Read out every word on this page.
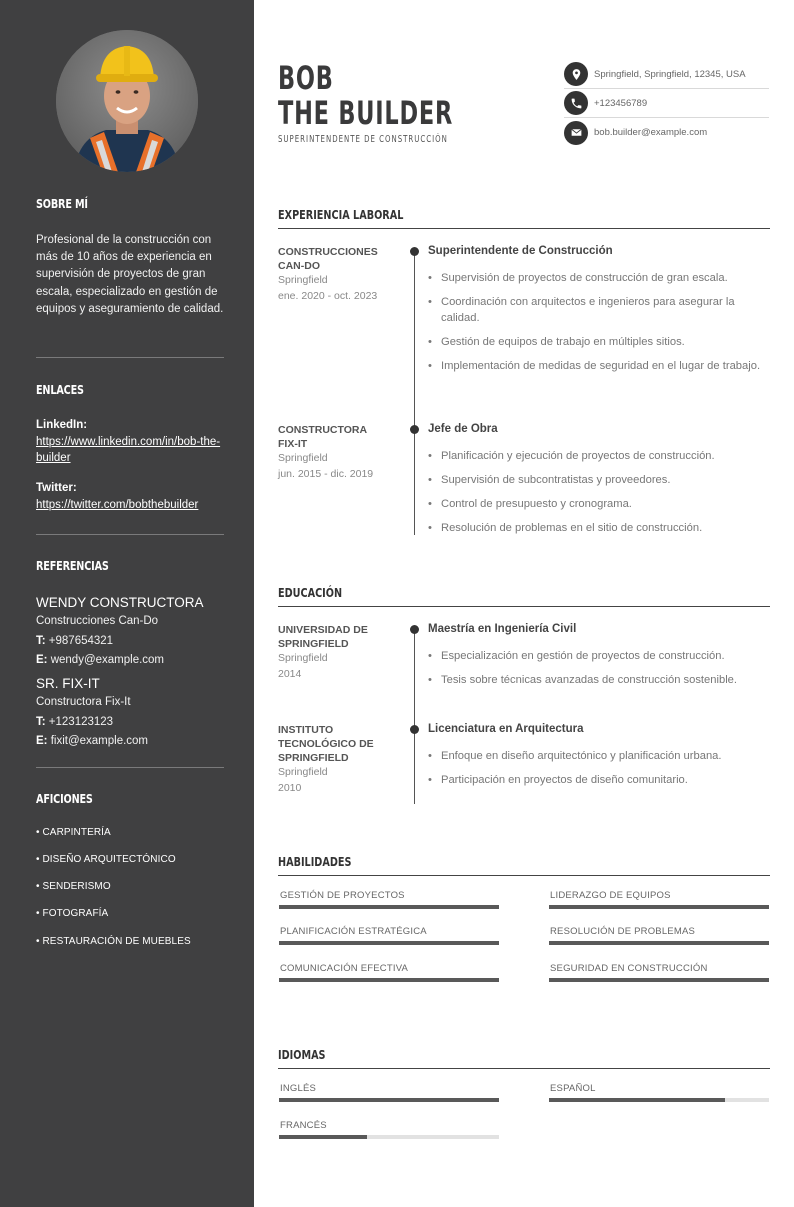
SOBRE MÍ
Profesional de la construcción con más de 10 años de experiencia en supervisión de proyectos de gran escala, especializado en gestión de equipos y aseguramiento de calidad.
ENLACES
LinkedIn:
https://www.linkedin.com/in/bob-the-builder
Twitter:
https://twitter.com/bobthebuilder
REFERENCIAS
WENDY CONSTRUCTORA
Construcciones Can-Do
T: +987654321
E: wendy@example.com
SR. FIX-IT
Constructora Fix-It
T: +123123123
E: fixit@example.com
AFICIONES
• CARPINTERÍA
• DISEÑO ARQUITECTÓNICO
• SENDERISMO
• FOTOGRAFÍA
• RESTAURACIÓN DE MUEBLES
BOB
THE BUILDER
SUPERINTENDENTE DE CONSTRUCCIÓN
Springfield, Springfield, 12345, USA
+123456789
bob.builder@example.com
EXPERIENCIA LABORAL
CONSTRUCCIONES
CAN-DO
Springfield
ene. 2020 - oct. 2023
Superintendente de Construcción
• Supervisión de proyectos de construcción de gran escala.
• Coordinación con arquitectos e ingenieros para asegurar la calidad.
• Gestión de equipos de trabajo en múltiples sitios.
• Implementación de medidas de seguridad en el lugar de trabajo.
CONSTRUCTORA
FIX-IT
Springfield
jun. 2015 - dic. 2019
Jefe de Obra
• Planificación y ejecución de proyectos de construcción.
• Supervisión de subcontratistas y proveedores.
• Control de presupuesto y cronograma.
• Resolución de problemas en el sitio de construcción.
EDUCACIÓN
UNIVERSIDAD DE
SPRINGFIELD
Springfield
2014
Maestría en Ingeniería Civil
• Especialización en gestión de proyectos de construcción.
• Tesis sobre técnicas avanzadas de construcción sostenible.
INSTITUTO
TECNOLÓGICO DE
SPRINGFIELD
Springfield
2010
Licenciatura en Arquitectura
• Enfoque en diseño arquitectónico y planificación urbana.
• Participación en proyectos de diseño comunitario.
HABILIDADES
GESTIÓN DE PROYECTOS	LIDERAZGO DE EQUIPOS
PLANIFICACIÓN ESTRATÉGICA	RESOLUCIÓN DE PROBLEMAS
COMUNICACIÓN EFECTIVA	SEGURIDAD EN CONSTRUCCIÓN
IDIOMAS
INGLÉS	ESPAÑOL
FRANCÉS
